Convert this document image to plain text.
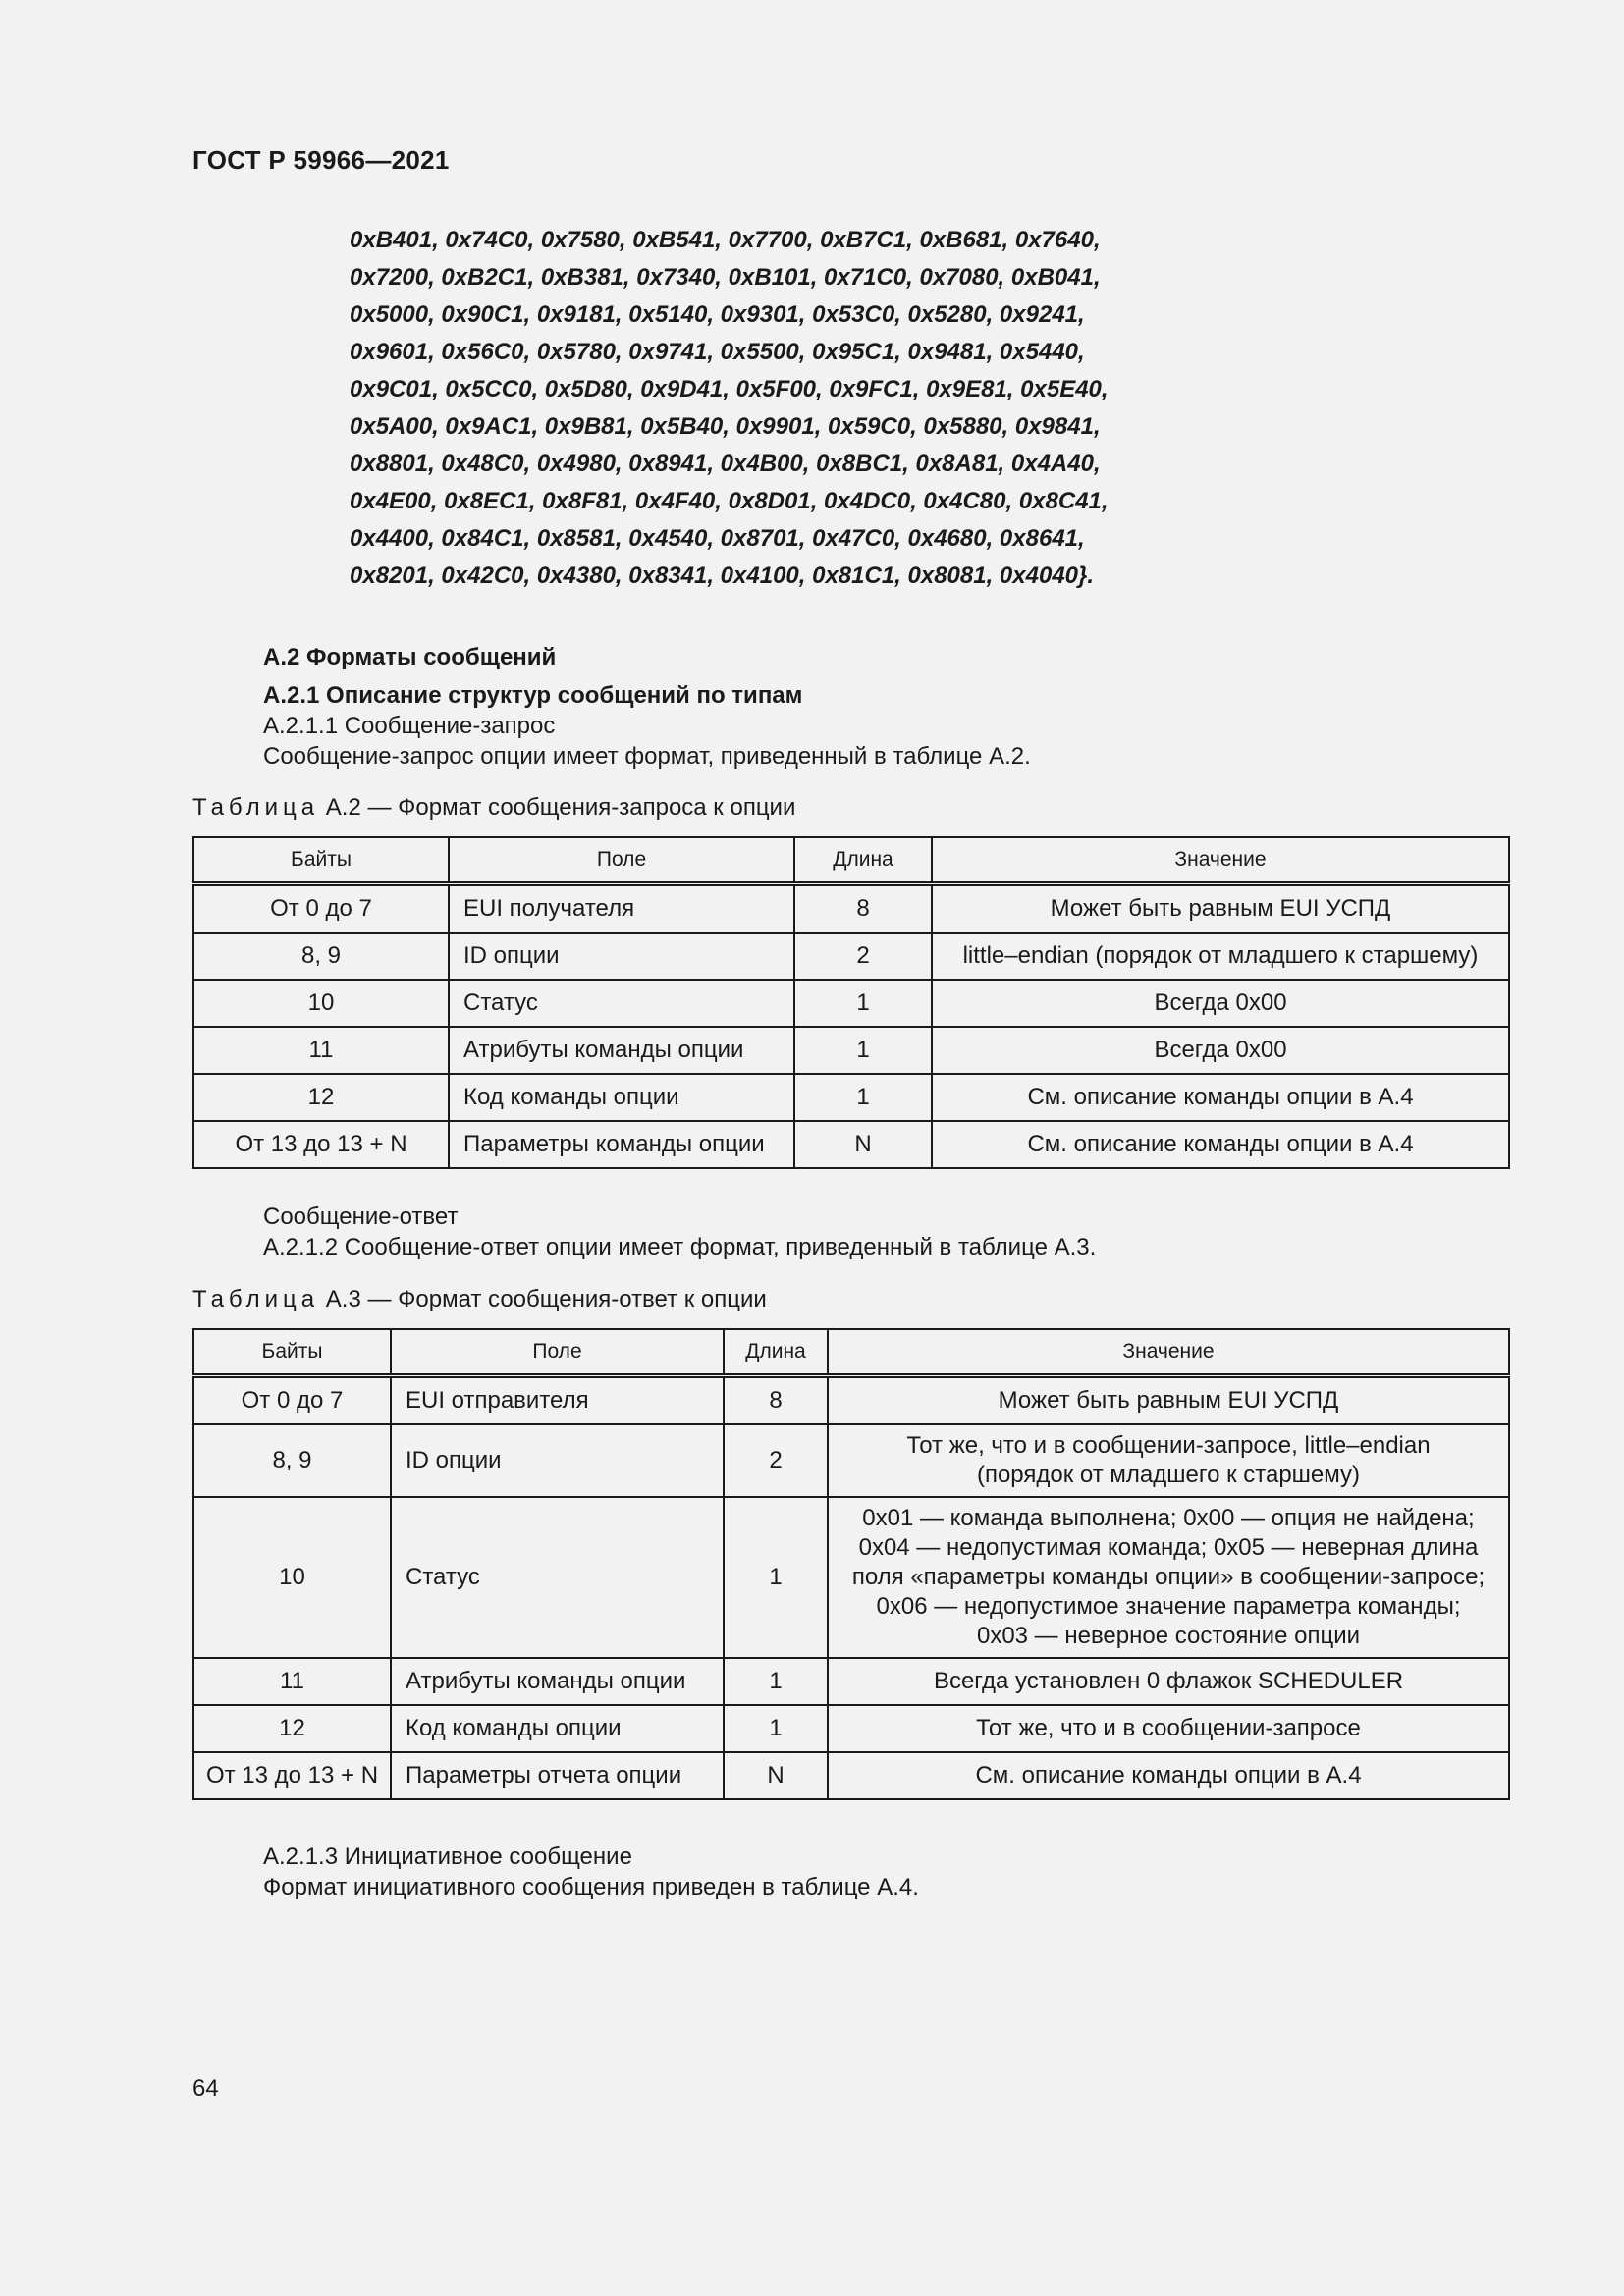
ГОСТ Р 59966—2021
0xB401, 0x74C0, 0x7580, 0xB541, 0x7700, 0xB7C1, 0xB681, 0x7640,
0x7200, 0xB2C1, 0xB381, 0x7340, 0xB101, 0x71C0, 0x7080, 0xB041,
0x5000, 0x90C1, 0x9181, 0x5140, 0x9301, 0x53C0, 0x5280, 0x9241,
0x9601, 0x56C0, 0x5780, 0x9741, 0x5500, 0x95C1, 0x9481, 0x5440,
0x9C01, 0x5CC0, 0x5D80, 0x9D41, 0x5F00, 0x9FC1, 0x9E81, 0x5E40,
0x5A00, 0x9AC1, 0x9B81, 0x5B40, 0x9901, 0x59C0, 0x5880, 0x9841,
0x8801, 0x48C0, 0x4980, 0x8941, 0x4B00, 0x8BC1, 0x8A81, 0x4A40,
0x4E00, 0x8EC1, 0x8F81, 0x4F40, 0x8D01, 0x4DC0, 0x4C80, 0x8C41,
0x4400, 0x84C1, 0x8581, 0x4540, 0x8701, 0x47C0, 0x4680, 0x8641,
0x8201, 0x42C0, 0x4380, 0x8341, 0x4100, 0x81C1, 0x8081, 0x4040}.
А.2 Форматы сообщений
А.2.1 Описание структур сообщений по типам
А.2.1.1 Сообщение-запрос
Сообщение-запрос опции имеет формат, приведенный в таблице А.2.
Таблица А.2 — Формат сообщения-запроса к опции
Байты	Поле	Длина	Значение
От 0 до 7	EUI получателя	8	Может быть равным EUI УСПД
8, 9	ID опции	2	little–endian (порядок от младшего к старшему)
10	Статус	1	Всегда 0x00
11	Атрибуты команды опции	1	Всегда 0x00
12	Код команды опции	1	См. описание команды опции в А.4
От 13 до 13 + N	Параметры команды опции	N	См. описание команды опции в А.4
Сообщение-ответ
А.2.1.2 Сообщение-ответ опции имеет формат, приведенный в таблице А.3.
Таблица А.3 — Формат сообщения-ответ к опции
Байты	Поле	Длина	Значение
От 0 до 7	EUI отправителя	8	Может быть равным EUI УСПД

8, 9	ID опции	2	Тот же, что и в сообщении-запросе, little–endian
(порядок от младшего к старшему)

10	Статус	1	0x01 — команда выполнена; 0x00 — опция не найдена;
0x04 — недопустимая команда; 0x05 — неверная длина
поля «параметры команды опции» в сообщении-запросе;
0x06 — недопустимое значение параметра команды;
0x03 — неверное состояние опции

11	Атрибуты команды опции	1	Всегда установлен 0 флажок SCHEDULER

12	Код команды опции	1	Тот же, что и в сообщении-запросе

От 13 до 13 + N	Параметры отчета опции	N	См. описание команды опции в А.4
А.2.1.3 Инициативное сообщение
Формат инициативного сообщения приведен в таблице А.4.
64
